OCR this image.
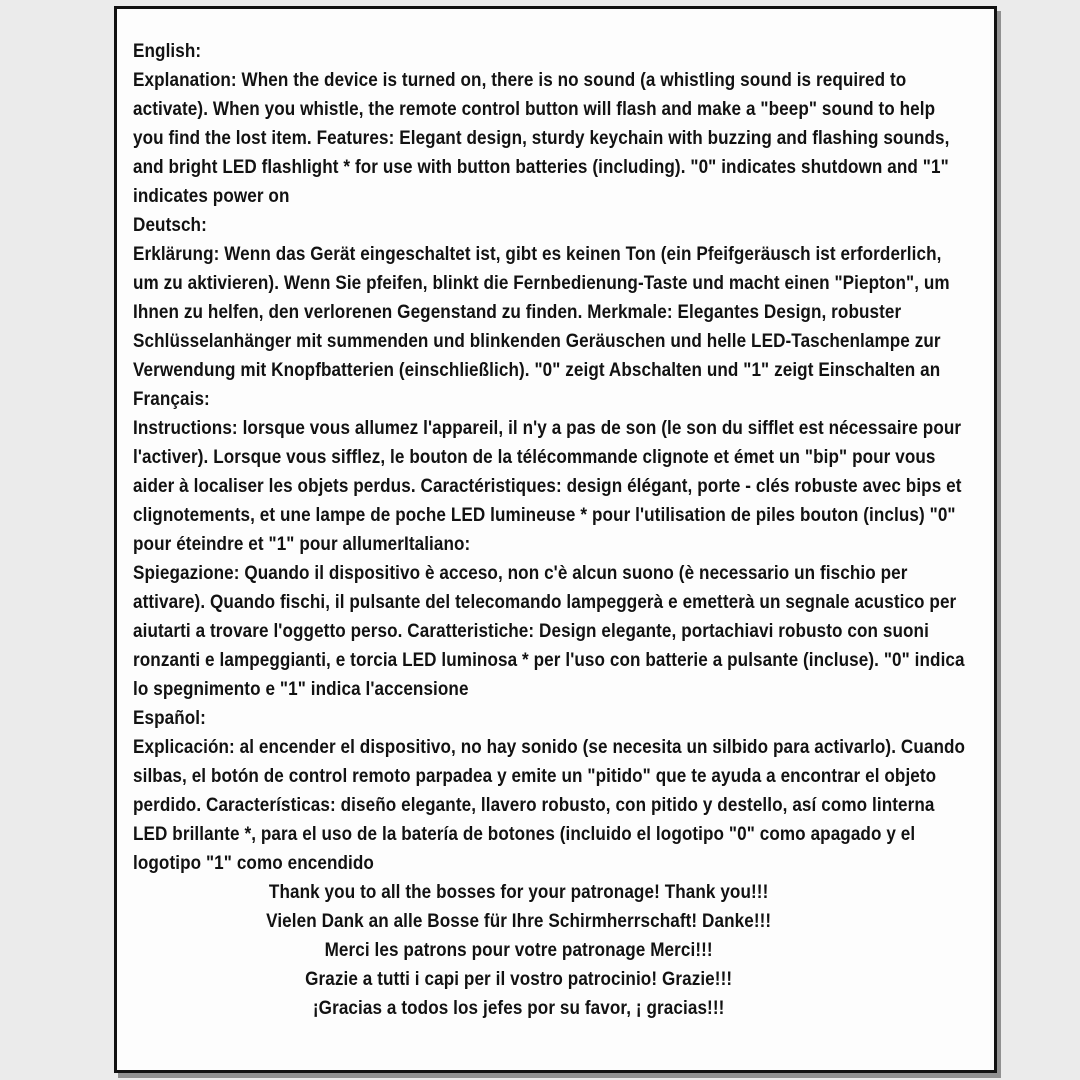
English:

Explanation: When the device is turned on, there is no sound (a whistling sound is required to activate). When you whistle, the remote control button will flash and make a "beep" sound to help you find the lost item. Features: Elegant design, sturdy keychain with buzzing and flashing sounds, and bright LED flashlight * for use with button batteries (including). "0" indicates shutdown and "1" indicates power on

Deutsch:

Erklärung: Wenn das Gerät eingeschaltet ist, gibt es keinen Ton (ein Pfeifgeräusch ist erforderlich, um zu aktivieren). Wenn Sie pfeifen, blinkt die Fernbedienung-Taste und macht einen "Piepton", um Ihnen zu helfen, den verlorenen Gegenstand zu finden. Merkmale: Elegantes Design, robuster Schlüsselanhänger mit summenden und blinkenden Geräuschen und helle LED-Taschenlampe zur Verwendung mit Knopfbatterien (einschließlich). "0" zeigt Abschalten und "1" zeigt Einschalten an

Français:

Instructions: lorsque vous allumez l'appareil, il n'y a pas de son (le son du sifflet est nécessaire pour l'activer). Lorsque vous sifflez, le bouton de la télécommande clignote et émet un "bip" pour vous aider à localiser les objets perdus. Caractéristiques: design élégant, porte - clés robuste avec bips et clignotements, et une lampe de poche LED lumineuse * pour l'utilisation de piles bouton (inclus) "0" pour éteindre et "1" pour allumerItaliano:

Spiegazione: Quando il dispositivo è acceso, non c'è alcun suono (è necessario un fischio per attivare). Quando fischi, il pulsante del telecomando lampeggerà e emetterà un segnale acustico per aiutarti a trovare l'oggetto perso. Caratteristiche: Design elegante, portachiavi robusto con suoni ronzanti e lampeggianti, e torcia LED luminosa * per l'uso con batterie a pulsante (incluse). "0" indica lo spegnimento e "1" indica l'accensione

Español:

Explicación: al encender el dispositivo, no hay sonido (se necesita un silbido para activarlo). Cuando silbas, el botón de control remoto parpadea y emite un "pitido" que te ayuda a encontrar el objeto perdido. Características: diseño elegante, llavero robusto, con pitido y destello, así como linterna LED brillante *, para el uso de la batería de botones (incluido el logotipo "0" como apagado y el logotipo "1" como encendido

Thank you to all the bosses for your patronage! Thank you!!!

Vielen Dank an alle Bosse für Ihre Schirmherrschaft! Danke!!!

Merci les patrons pour votre patronage Merci!!!

Grazie a tutti i capi per il vostro patrocinio! Grazie!!!

¡Gracias a todos los jefes por su favor, ¡ gracias!!!
